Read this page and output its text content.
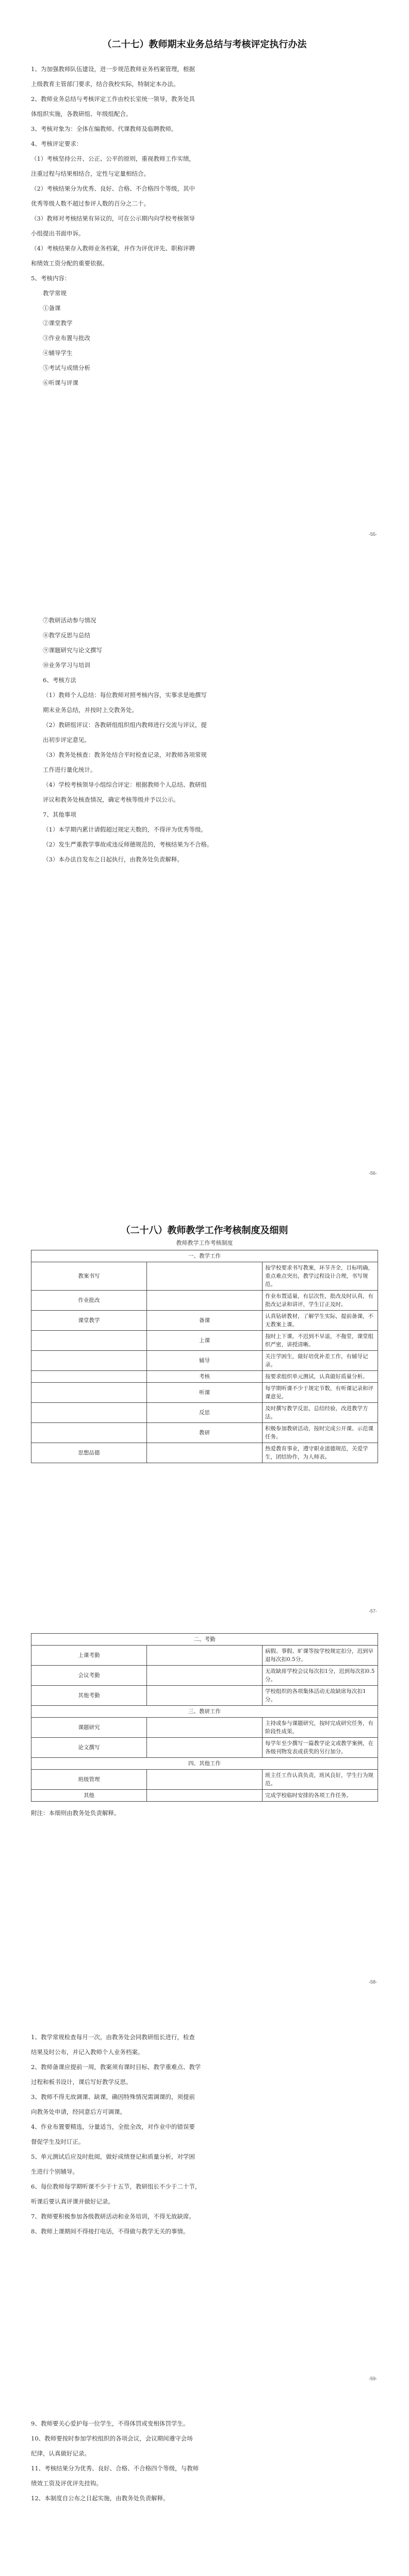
（二十七）教师期末业务总结与考核评定执行办法

1、为加强教师队伍建设，进一步规范教师业务档案管理，根据

上级教育主管部门要求，结合我校实际，特制定本办法。

2、教师业务总结与考核评定工作由校长室统一领导，教务处具

体组织实施，各教研组、年级组配合。

3、考核对象为：全体在编教师、代课教师及临聘教师。

4、考核评定要求：

（1）考核坚持公开、公正、公平的原则，重视教师工作实绩，

注重过程与结果相结合，定性与定量相结合。

（2）考核结果分为优秀、良好、合格、不合格四个等级，其中

优秀等级人数不超过参评人数的百分之二十。

（3）教师对考核结果有异议的，可在公示期内向学校考核领导

小组提出书面申诉。

（4）考核结果存入教师业务档案，并作为评优评先、职称评聘

和绩效工资分配的重要依据。

5、考核内容：

教学常规

①备课

②课堂教学

③作业布置与批改

④辅导学生

⑤考试与成绩分析

⑥听课与评课

-55-

⑦教研活动参与情况

⑧教学反思与总结

⑨课题研究与论文撰写

⑩业务学习与培训

6、考核方法

（1）教师个人总结：每位教师对照考核内容，实事求是地撰写

期末业务总结，并按时上交教务处。

（2）教研组评议：各教研组组织组内教师进行交流与评议，提

出初步评定意见。

（3）教务处核查：教务处结合平时检查记录，对教师各项常规

工作进行量化统计。

（4）学校考核领导小组综合评定：根据教师个人总结、教研组

评议和教务处核查情况，确定考核等级并予以公示。

7、其他事项

（1）本学期内累计请假超过规定天数的，不得评为优秀等级。

（2）发生严重教学事故或违反师德规范的，考核结果为不合格。

（3）本办法自发布之日起执行，由教务处负责解释。

-56-
（二十八）教师教学工作考核制度及细则

教师教学工作考核制度

一、教学工作		
教案书写		按学校要求书写教案，环节齐全，目标明确，重点难点突出，教学过程设计合理，书写规范。
作业批改		作业布置适量，有层次性，批改及时认真，有批改记录和讲评，学生订正及时。
课堂教学	备课	认真钻研教材，了解学生实际，提前备课，不无教案上课。
	上课	按时上下课，不迟到不早退，不拖堂，课堂组织严密，讲授清晰。
	辅导	关注学困生，做好培优补差工作，有辅导记录。
	考核	按要求组织单元测试，认真做好质量分析。
	听课	每学期听课不少于规定节数，有听课记录和评课意见。
	反思	及时撰写教学反思，总结经验，改进教学方法。
	教研	积极参加教研活动，按时完成公开课、示范课任务。
思想品德		热爱教育事业，遵守职业道德规范，关爱学生，团结协作，为人师表。
-57-
二、考勤		
上课考勤		病假、事假、旷课等按学校规定扣分，迟到早退每次扣0.5分。
会议考勤		无故缺席学校会议每次扣1分，迟到每次扣0.5分。
其他考勤		学校组织的各项集体活动无故缺席每次扣1分。
三、教研工作		
课题研究		主持或参与课题研究，按时完成研究任务，有阶段性成果。
论文撰写		每学年至少撰写一篇教学论文或教学案例，在各级刊物发表或获奖的另行加分。
四、其他工作		
班级管理		班主任工作认真负责，班风良好，学生行为规范。
其他		完成学校临时安排的各项工作任务。

附注：本细则由教务处负责解释。

-58-

1、教学常规检查每月一次，由教务处会同教研组长进行，检查

结果及时公布，并记入教师个人业务档案。

2、教师备课应提前一周，教案须有课时目标、教学重难点、教学

过程和板书设计，课后写好教学反思。

3、教师不得无故调课、缺课，确因特殊情况需调课的，须提前

向教务处申请，经同意后方可调课。

4、作业布置要精选，分量适当，全批全改，对作业中的错误要

督促学生及时订正。

5、单元测试后应及时批阅，做好成绩登记和质量分析，对学困

生进行个别辅导。

6、每位教师每学期听课不少于十五节，教研组长不少于二十节，

听课后要认真评课并做好记录。

7、教师要积极参加各级教研活动和业务培训，不得无故缺席。

8、教师上课期间不得接打电话，不得做与教学无关的事情。

-59-

9、教师要关心爱护每一位学生，不得体罚或变相体罚学生。

10、教师要按时参加学校组织的各项会议，会议期间遵守会场

纪律，认真做好记录。

11、考核结果分为优秀、良好、合格、不合格四个等级，与教师

绩效工资及评优评先挂钩。

12、本制度自公布之日起实施，由教务处负责解释。
